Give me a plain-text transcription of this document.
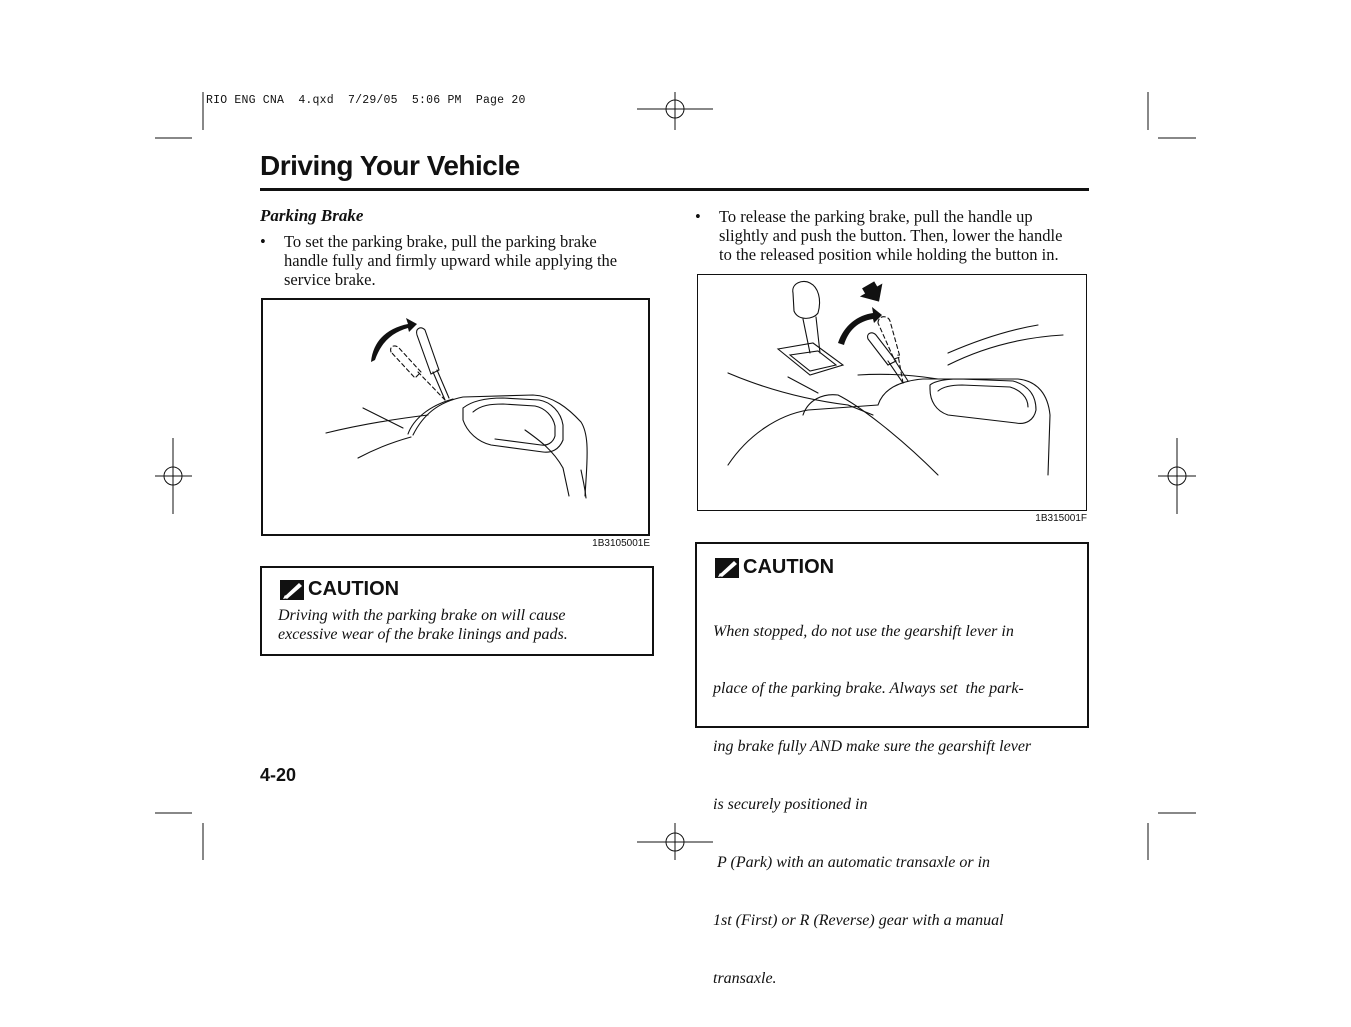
RIO ENG CNA  4.qxd  7/29/05  5:06 PM  Page 20
Driving Your Vehicle
Parking Brake
• To set the parking brake, pull the parking brake
handle fully and firmly upward while applying the
service brake.
1B3105001E
CAUTION
Driving with the parking brake on will cause
excessive wear of the brake linings and pads.
• To release the parking brake, pull the handle up
slightly and push the button. Then, lower the handle
to the released position while holding the button in.
1B315001F
CAUTION

When stopped, do not use the gearshift lever in

place of the parking brake. Always set  the park-

ing brake fully AND make sure the gearshift lever

is securely positioned in

P (Park) with an automatic transaxle or in

1st (First) or R (Reverse) gear with a manual

transaxle.

4-20
